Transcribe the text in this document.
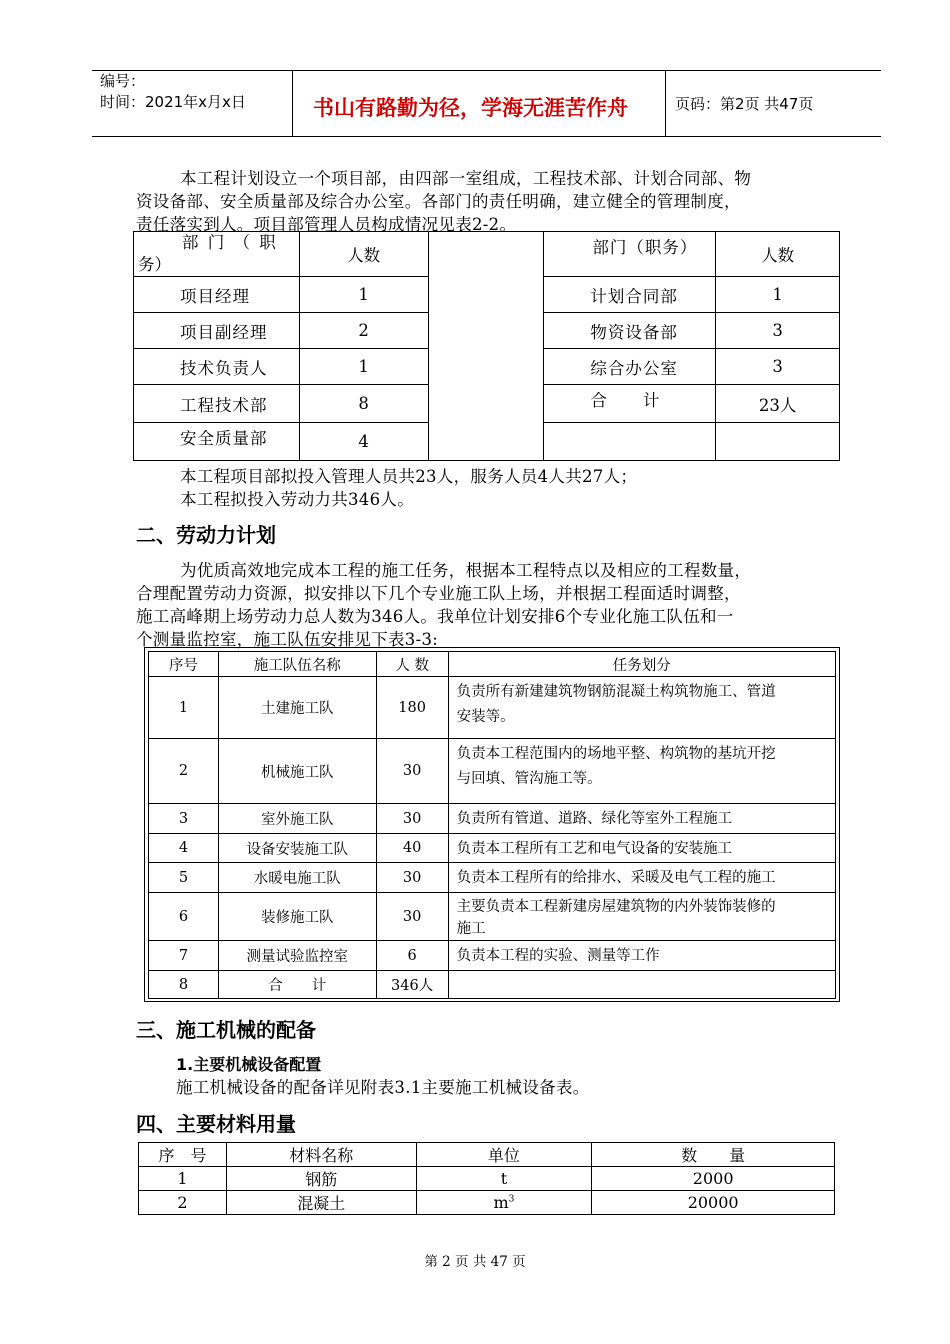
编号：
时间：2021年x月x日	书山有路勤为径，学海无涯苦作舟	页码：第2页 共47页
本工程计划设立一个项目部，由四部一室组成，工程技术部、计划合同部、物
资设备部、安全质量部及综合办公室。各部门的责任明确，建立健全的管理制度，
责任落实到人。项目部管理人员构成情况见表2-2。
部 门 （ 职
务）	人数		部门（职务）	人数
项目经理	1		计划合同部	1
项目副经理	2		物资设备部	3
技术负责人	1		综合办公室	3
工程技术部	8		合　　计	23人
安全质量部	4			
本工程项目部拟投入管理人员共23人，服务人员4人共27人；
本工程拟投入劳动力共346人。
二、劳动力计划
为优质高效地完成本工程的施工任务，根据本工程特点以及相应的工程数量，
合理配置劳动力资源，拟安排以下几个专业施工队上场，并根据工程面适时调整，
施工高峰期上场劳动力总人数为346人。我单位计划安排6个专业化施工队伍和一
个测量监控室，施工队伍安排见下表3-3:
序号	施工队伍名称	人 数	任务划分
1	土建施工队	180	负责所有新建建筑物钢筋混凝土构筑物施工、管道
安装等。

2	机械施工队	30	负责本工程范围内的场地平整、构筑物的基坑开挖
与回填、管沟施工等。

3	室外施工队	30	负责所有管道、道路、绿化等室外工程施工
4	设备安装施工队	40	负责本工程所有工艺和电气设备的安装施工
5	水暖电施工队	30	负责本工程所有的给排水、采暖及电气工程的施工
6	装修施工队	30	主要负责本工程新建房屋建筑物的内外装饰装修的
施工

7	测量试验监控室	6	负责本工程的实验、测量等工作
8	合　　计	346人	
三、施工机械的配备
1.主要机械设备配置
施工机械设备的配备详见附表3.1主要施工机械设备表。
四、主要材料用量
序　号	材料名称	单位	数　　量
1	钢筋	t	2000
2	混凝土	$m^3$	20000
第 2 页 共 47 页
